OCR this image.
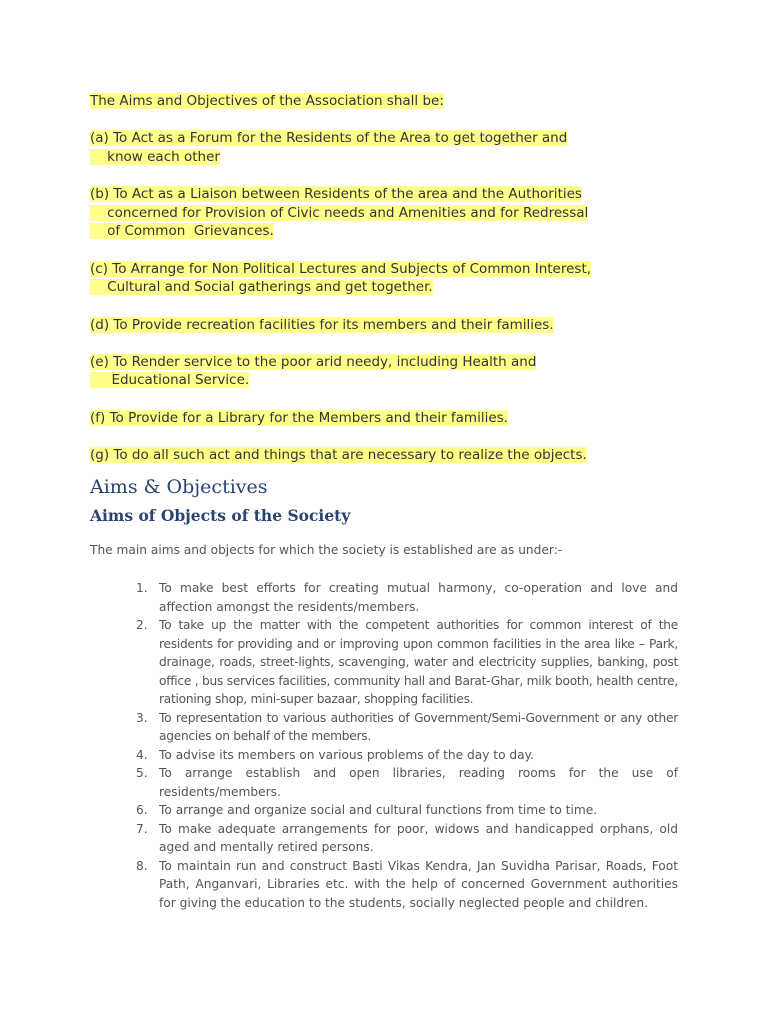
The Aims and Objectives of the Association shall be:
(a) To Act as a Forum for the Residents of the Area to get together and
know each other
(b) To Act as a Liaison between Residents of the area and the Authorities
concerned for Provision of Civic needs and Amenities and for Redressal
of Common  Grievances.
(c) To Arrange for Non Political Lectures and Subjects of Common Interest,
Cultural and Social gatherings and get together.
(d) To Provide recreation facilities for its members and their families.
(e) To Render service to the poor arid needy, including Health and
Educational Service.
(f) To Provide for a Library for the Members and their families.
(g) To do all such act and things that are necessary to realize the objects.
Aims & Objectives
Aims of Objects of the Society
The main aims and objects for which the society is established are as under:-
1. To make best efforts for creating mutual harmony, co-operation and love and affection amongst the residents/members.
2. To take up the matter with the competent authorities for common interest of the residents for providing and or improving upon common facilities in the area like – Park, drainage, roads, street-lights, scavenging, water and electricity supplies, banking, post office , bus services facilities, community hall and Barat-Ghar, milk booth, health centre, rationing shop, mini-super bazaar, shopping facilities.
3. To representation to various authorities of Government/Semi-Government or any other agencies on behalf of the members.
4. To advise its members on various problems of the day to day.
5. To arrange establish and open libraries, reading rooms for the use of residents/members.
6. To arrange and organize social and cultural functions from time to time.
7. To make adequate arrangements for poor, widows and handicapped orphans, old aged and mentally retired persons.
8. To maintain run and construct Basti Vikas Kendra, Jan Suvidha Parisar, Roads, Foot Path, Anganvari, Libraries etc. with the help of concerned Government authorities for giving the education to the students, socially neglected people and children.
